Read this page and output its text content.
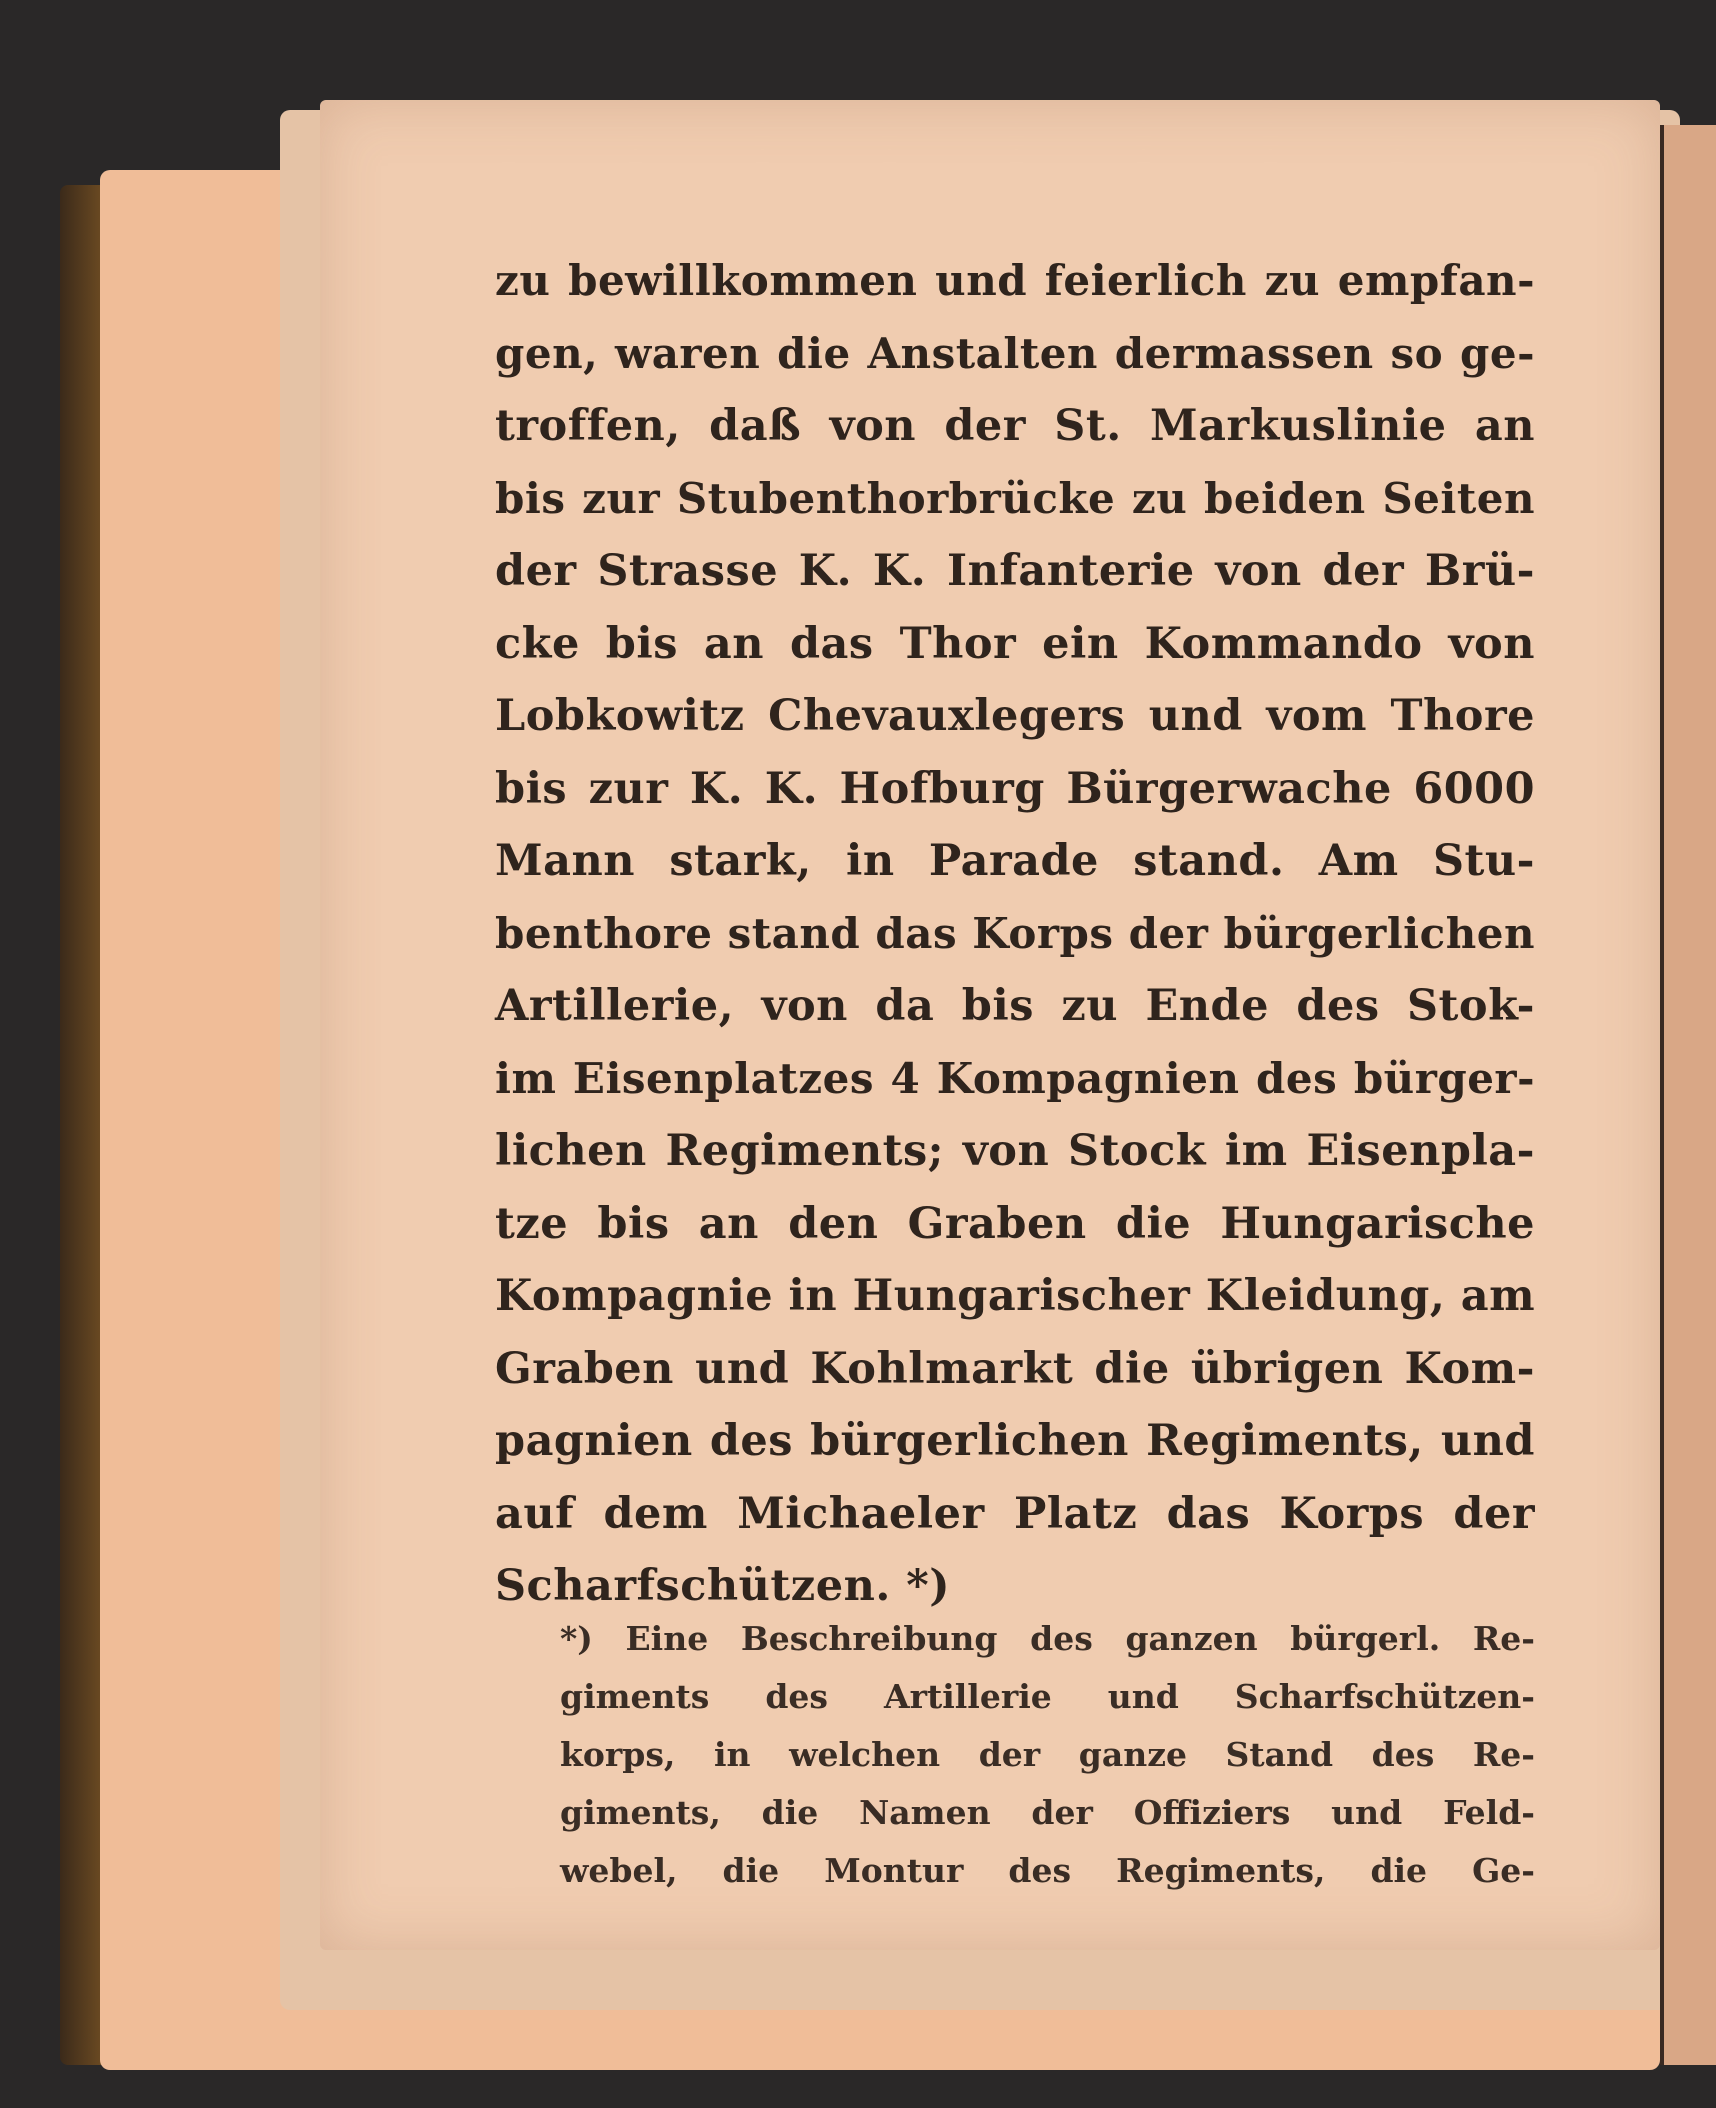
zu bewillkommen und feierlich zu empfan-
gen, waren die Anstalten dermassen so ge-
troffen, daß von der St. Markuslinie an
bis zur Stubenthorbrücke zu beiden Seiten
der Strasse K. K. Infanterie von der Brü-
cke bis an das Thor ein Kommando von
Lobkowitz Chevauxlegers und vom Thore
bis zur K. K. Hofburg Bürgerwache 6000
Mann stark, in Parade stand. Am Stu-
benthore stand das Korps der bürgerlichen
Artillerie, von da bis zu Ende des Stok-
im Eisenplatzes 4 Kompagnien des bürger-
lichen Regiments; von Stock im Eisenpla-
tze bis an den Graben die Hungarische
Kompagnie in Hungarischer Kleidung, am
Graben und Kohlmarkt die übrigen Kom-
pagnien des bürgerlichen Regiments, und
auf dem Michaeler Platz das Korps der
Scharfschützen. *)
*) Eine Beschreibung des ganzen bürgerl. Re-
giments des Artillerie und Scharfschützen-
korps, in welchen der ganze Stand des Re-
giments, die Namen der Offiziers und Feld-
webel, die Montur des Regiments, die Ge-
